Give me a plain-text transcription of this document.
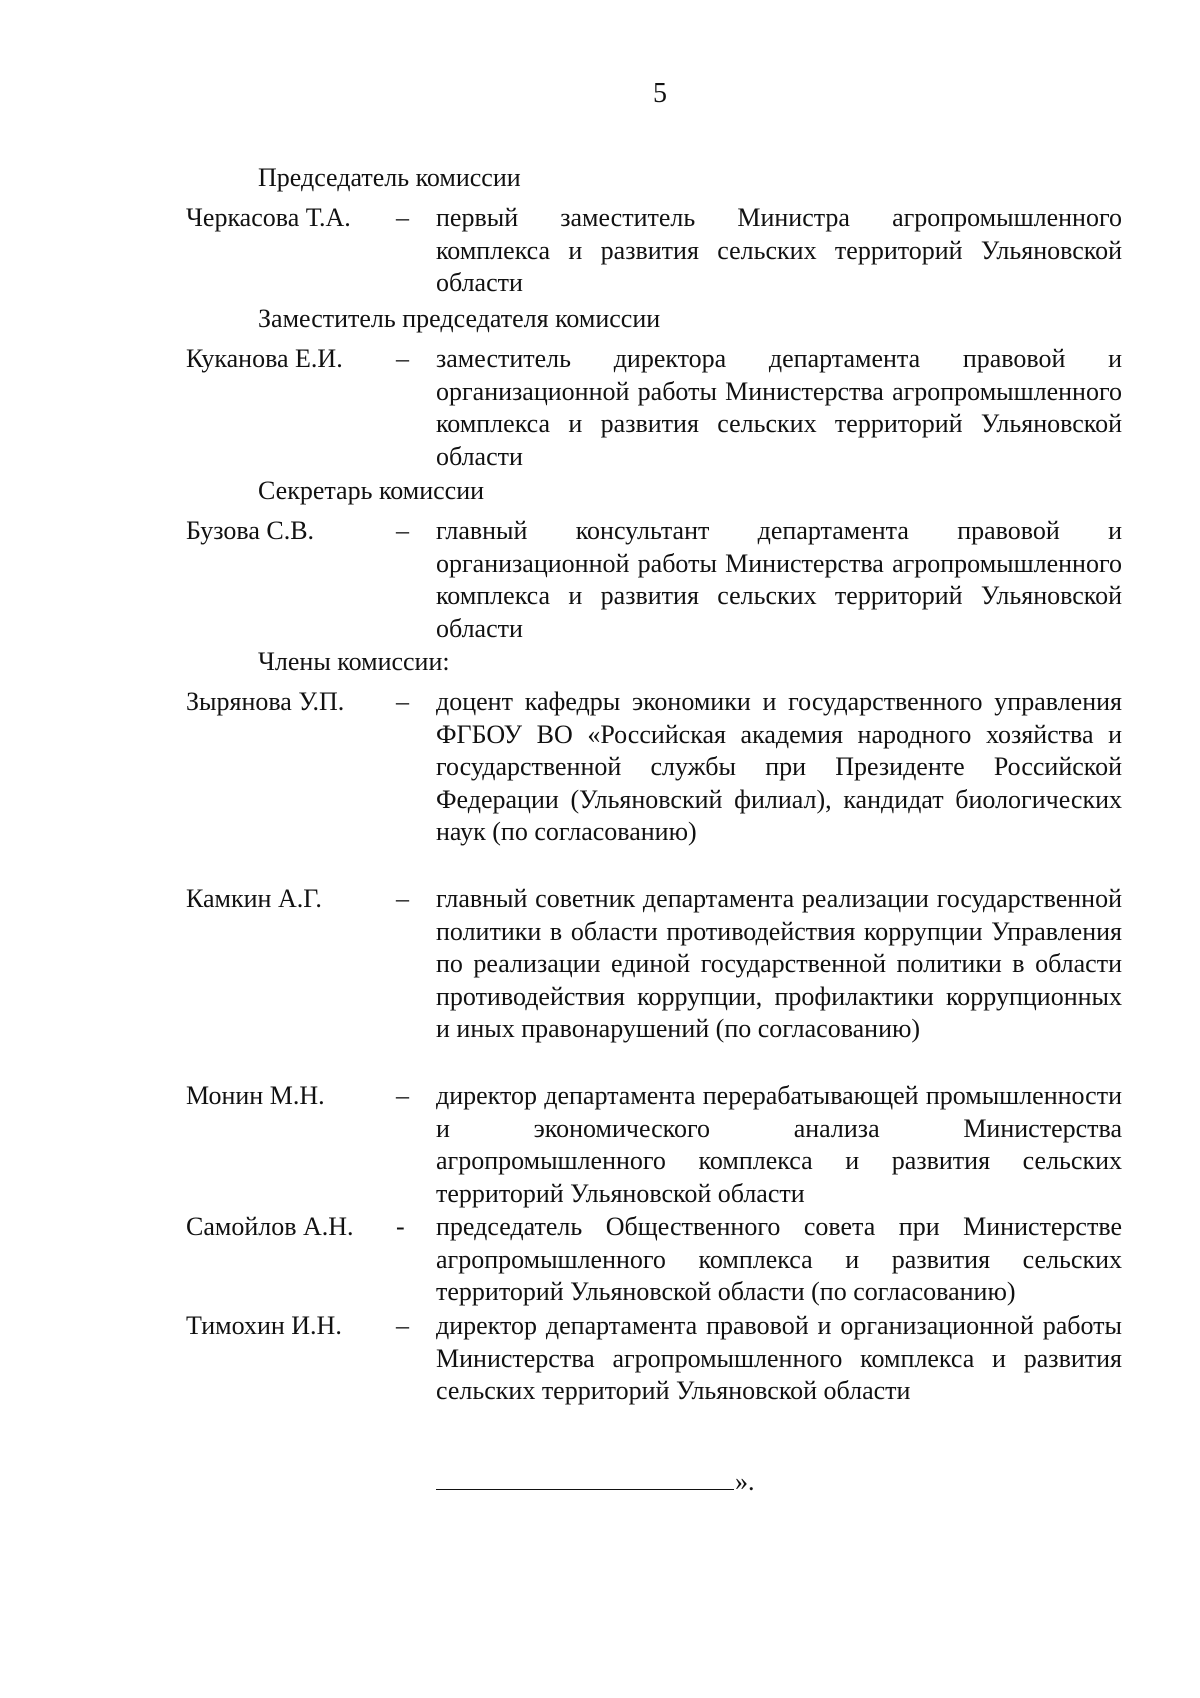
5
Председатель комиссии
Черкасова Т.А. – первый заместитель Министра агропромышленного комплекса и развития сельских территорий Ульяновской области
Заместитель председателя комиссии
Куканова Е.И. – заместитель директора департамента правовой и организационной работы Министерства агропромышленного комплекса и развития сельских территорий Ульяновской области
Секретарь комиссии
Бузова С.В.	– главный консультант департамента правовой и организационной работы Министерства агропромышленного комплекса и развития сельских территорий Ульяновской области
Члены комиссии:
Зырянова У.П. – доцент кафедры экономики и государственного управления ФГБОУ ВО «Российская академия народного хозяйства и государственной службы при Президенте Российской Федерации (Ульяновский филиал), кандидат биологических наук (по согласованию)
Камкин А.Г.	– главный советник департамента реализации государственной политики в области противодействия коррупции Управления по реализации единой государственной политики в области противодействия коррупции, профилактики коррупционных и иных правонарушений (по согласованию)
Монин М.Н.	– директор департамента перерабатывающей промышленности и экономического анализа Министерства агропромышленного комплекса и развития сельских территорий Ульяновской области
Самойлов А.Н. - председатель Общественного совета при Министерстве агропромышленного комплекса и развития сельских территорий Ульяновской области (по согласованию)
Тимохин И.Н. – директор департамента правовой и организационной работы Министерства агропромышленного комплекса и развития сельских территорий Ульяновской области
».
